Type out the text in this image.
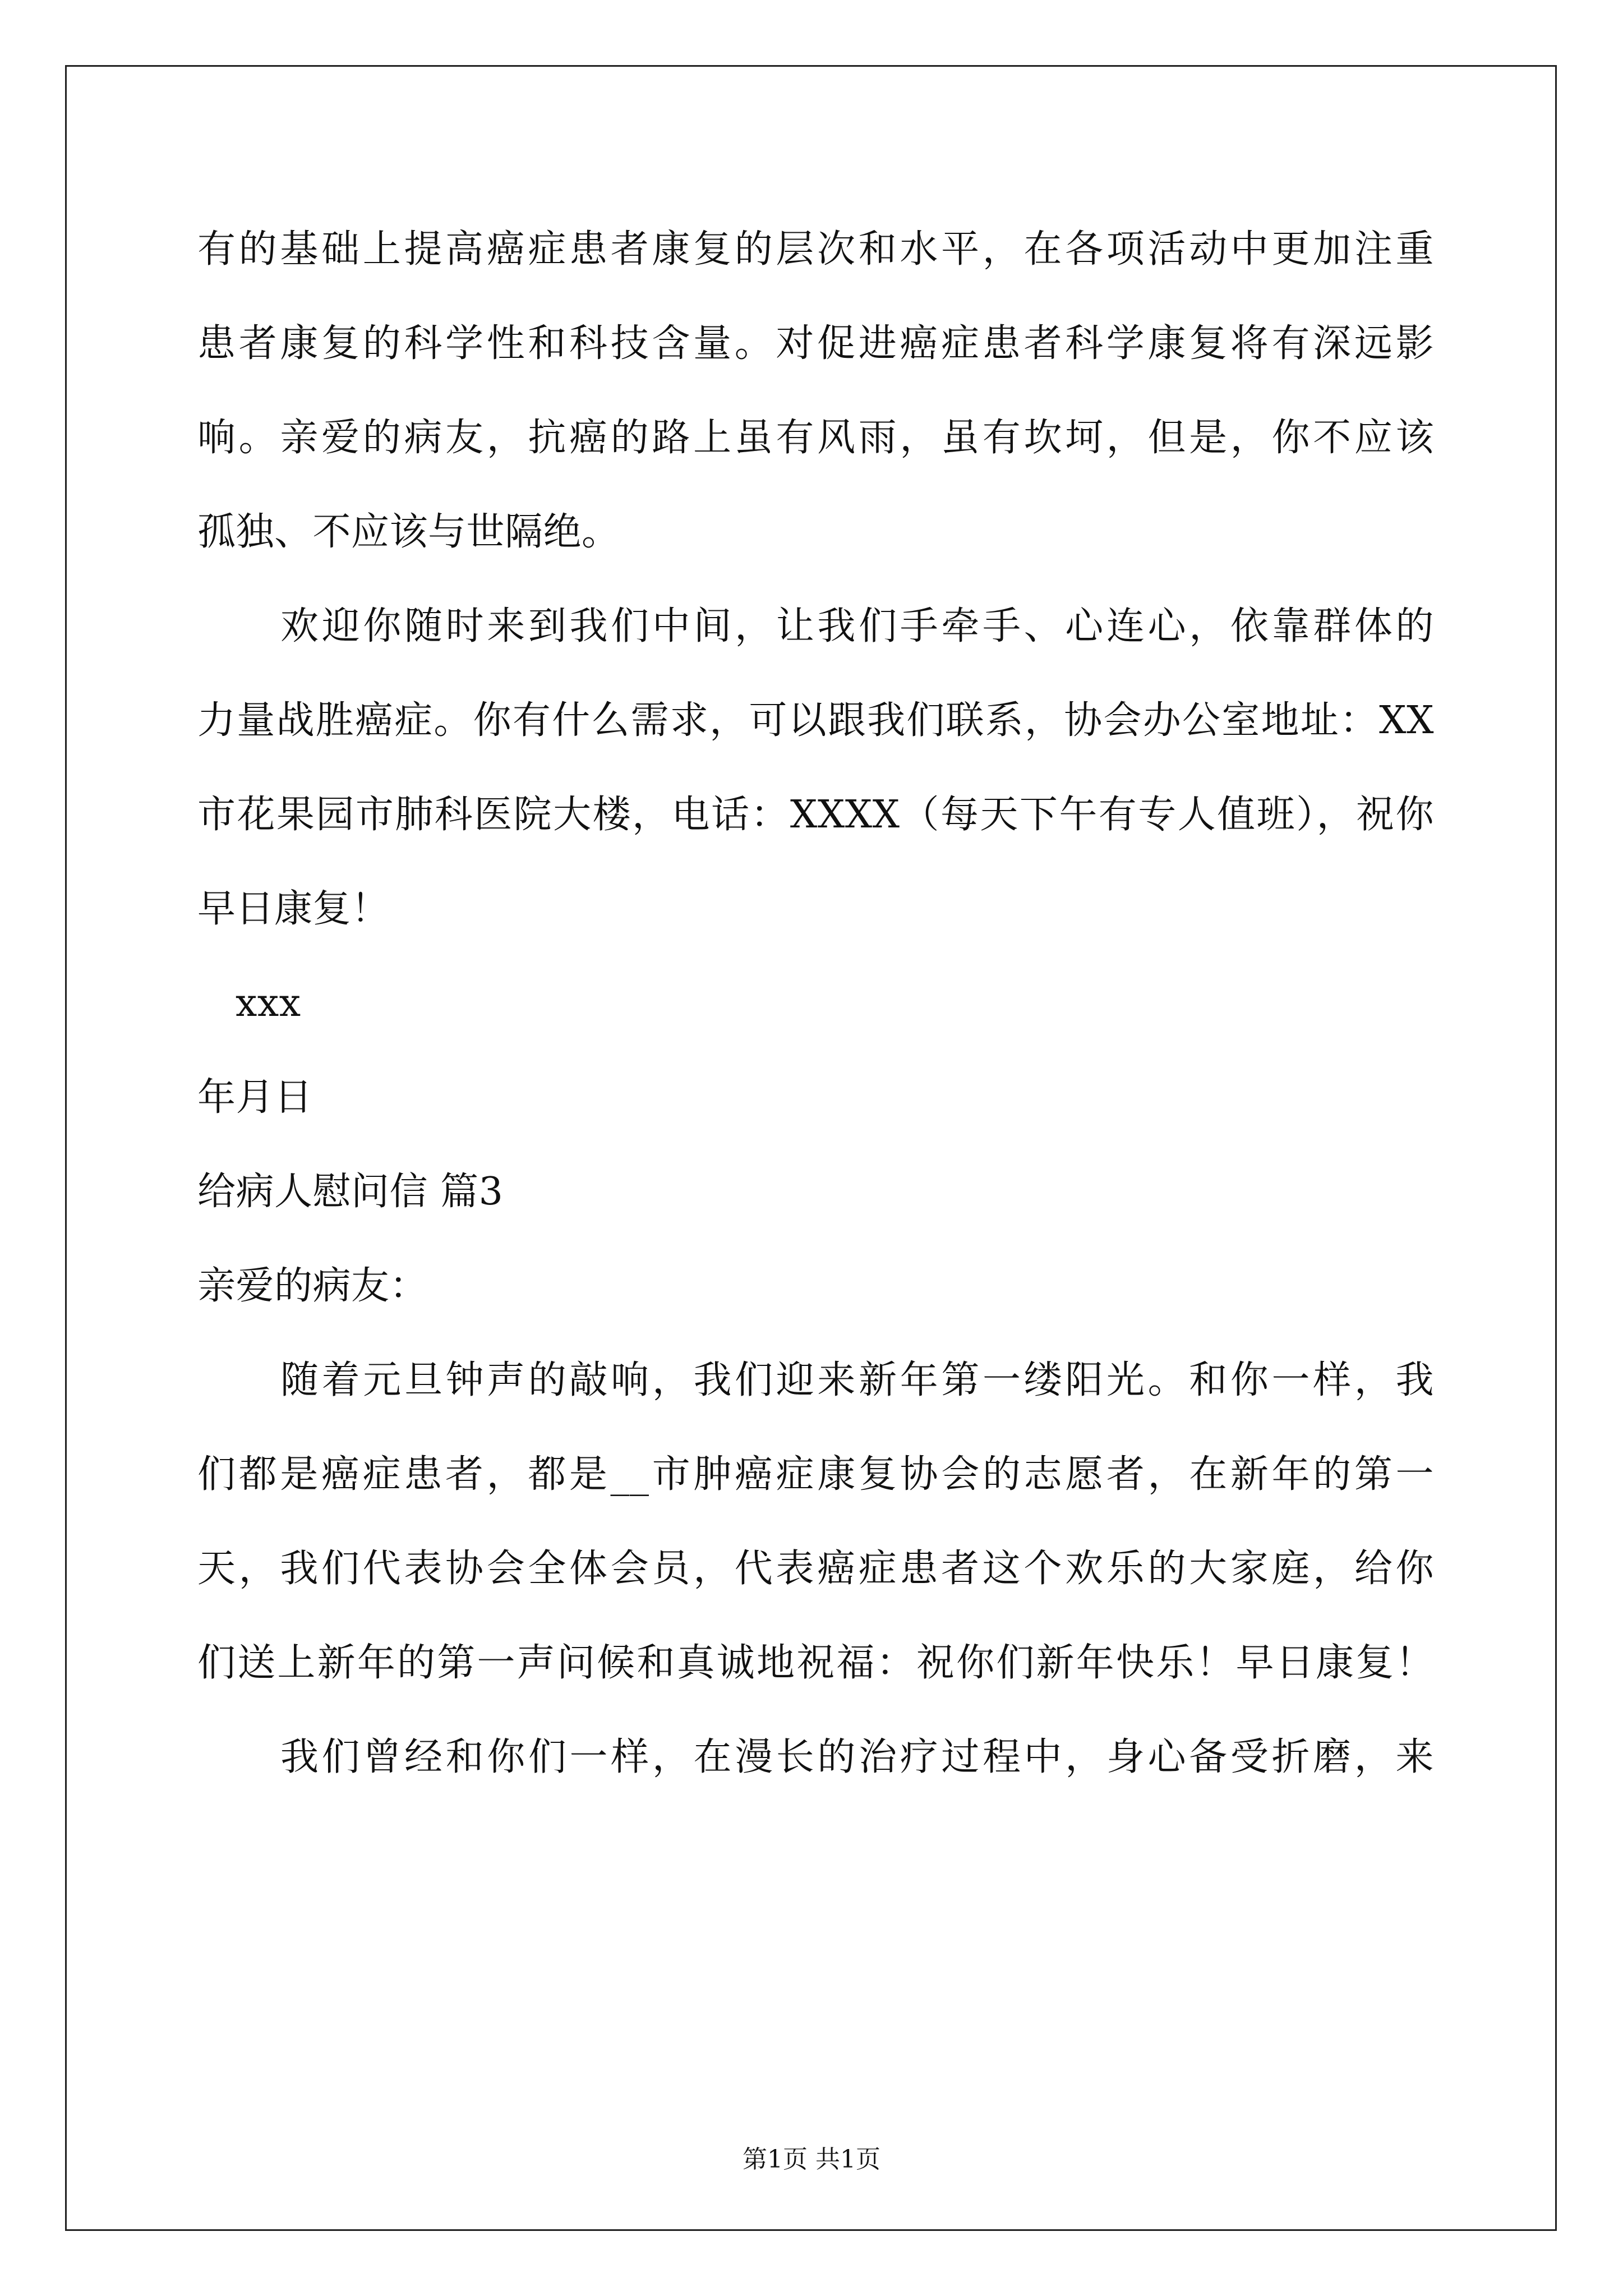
有的基础上提高癌症患者康复的层次和水平，在各项活动中更加注重
患者康复的科学性和科技含量。对促进癌症患者科学康复将有深远影
响。亲爱的病友，抗癌的路上虽有风雨，虽有坎坷，但是，你不应该
孤独、不应该与世隔绝。
欢迎你随时来到我们中间，让我们手牵手、心连心，依靠群体的
力量战胜癌症。你有什么需求，可以跟我们联系，协会办公室地址：XX
市花果园市肺科医院大楼，电话：XXXX（每天下午有专人值班），祝你
早日康复！
xxx
年月日
给病人慰问信 篇3
亲爱的病友：
随着元旦钟声的敲响，我们迎来新年第一缕阳光。和你一样，我
们都是癌症患者，都是__市肿癌症康复协会的志愿者，在新年的第一
天，我们代表协会全体会员，代表癌症患者这个欢乐的大家庭，给你
们送上新年的第一声问候和真诚地祝福：祝你们新年快乐！早日康复！
我们曾经和你们一样，在漫长的治疗过程中，身心备受折磨，来
第1页 共1页
